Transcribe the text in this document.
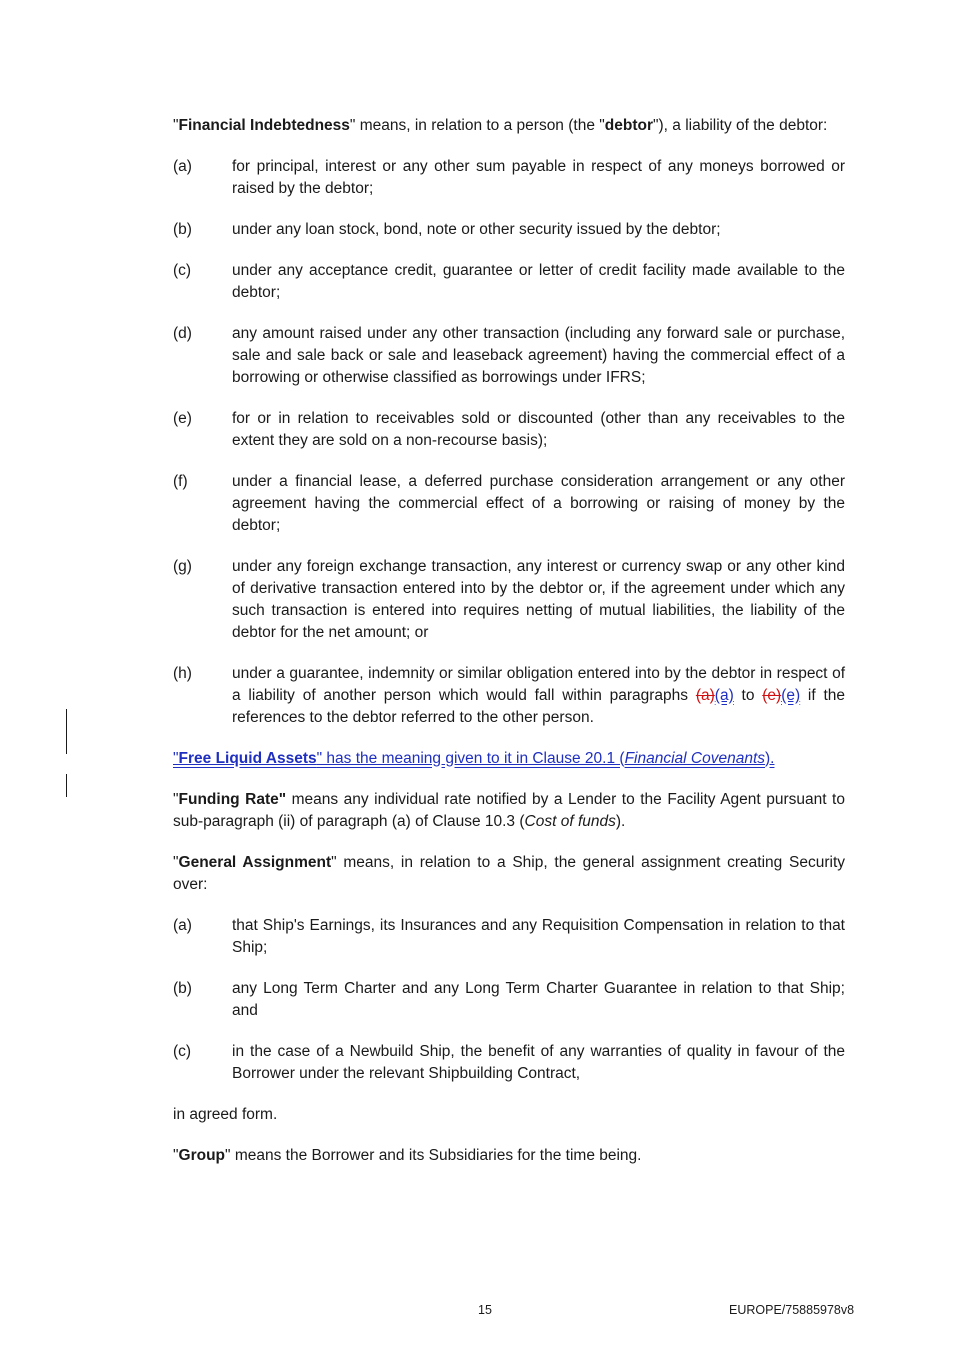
"Financial Indebtedness" means, in relation to a person (the "debtor"), a liability of the debtor:

(a)	for principal, interest or any other sum payable in respect of any moneys borrowed or raised by the debtor;
(b)	under any loan stock, bond, note or other security issued by the debtor;
(c)	under any acceptance credit, guarantee or letter of credit facility made available to the debtor;
(d)	any amount raised under any other transaction (including any forward sale or purchase, sale and sale back or sale and leaseback agreement) having the commercial effect of a borrowing or otherwise classified as borrowings under IFRS;
(e)	for or in relation to receivables sold or discounted (other than any receivables to the extent they are sold on a non-recourse basis);
(f)	under a financial lease, a deferred purchase consideration arrangement or any other agreement having the commercial effect of a borrowing or raising of money by the debtor;
(g)	under any foreign exchange transaction, any interest or currency swap or any other kind of derivative transaction entered into by the debtor or, if the agreement under which any such transaction is entered into requires netting of mutual liabilities, the liability of the debtor for the net amount; or
(h)	under a guarantee, indemnity or similar obligation entered into by the debtor in respect of a liability of another person which would fall within paragraphs (a)(a) to (e)(e) if the references to the debtor referred to the other person.

"Free Liquid Assets" has the meaning given to it in Clause 20.1 (Financial Covenants).

"Funding Rate" means any individual rate notified by a Lender to the Facility Agent pursuant to sub-paragraph (ii) of paragraph (a) of Clause 10.3 (Cost of funds).

"General Assignment" means, in relation to a Ship, the general assignment creating Security over:

(a)	that Ship's Earnings, its Insurances and any Requisition Compensation in relation to that Ship;
(b)	any Long Term Charter and any Long Term Charter Guarantee in relation to that Ship; and
(c)	in the case of a Newbuild Ship, the benefit of any warranties of quality in favour of the Borrower under the relevant Shipbuilding Contract,

in agreed form.

"Group" means the Borrower and its Subsidiaries for the time being.

15	EUROPE/75885978v8
